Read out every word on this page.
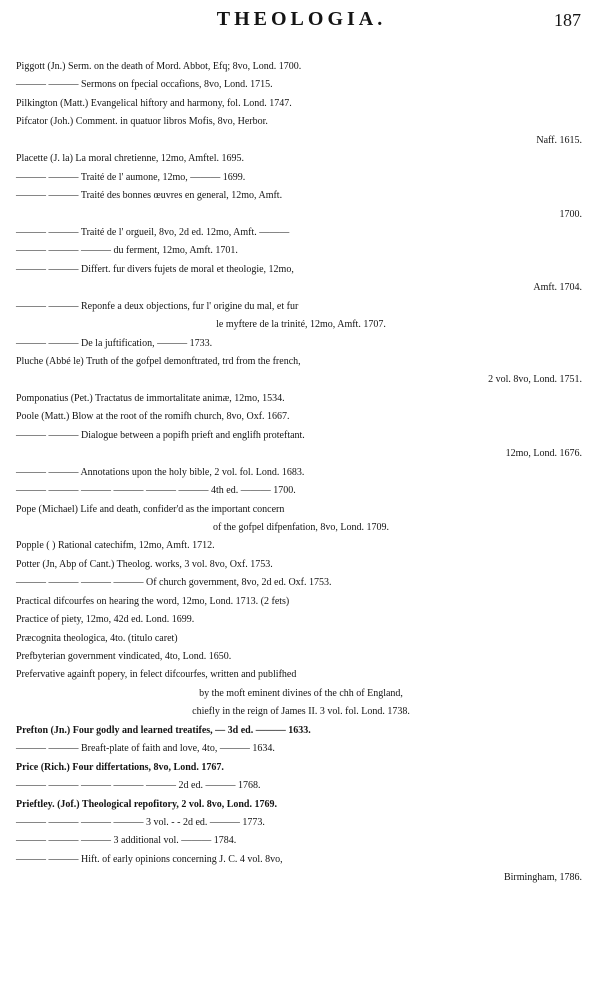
THEOLOGIA.	187
Piggott (Jn.) Serm. on the death of Mord. Abbot, Efq; 8vo, Lond. 1700.
——— ——— Sermons on fpecial occafions, 8vo, Lond. 1715.
Pilkington (Matt.) Evangelical hiftory and harmony, fol. Lond. 1747.
Pifcator (Joh.) Comment. in quatuor libros Mofis, 8vo, Herbor.
Naff. 1615.
Placette (J. la) La moral chretienne, 12mo, Amftel. 1695.
——— ——— Traité de l' aumone, 12mo, ——— 1699.
——— ——— Traité des bonnes œuvres en general, 12mo, Amft.
1700.
——— ——— Traité de l' orgueil, 8vo, 2d ed. 12mo, Amft. ———
——— ——— ——— du ferment, 12mo, Amft. 1701.
——— ——— Differt. fur divers fujets de moral et theologie, 12mo,
Amft. 1704.
——— ——— Reponfe a deux objections, fur l' origine du mal, et fur
le myftere de la trinité, 12mo, Amft. 1707.
——— ——— De la juftification, ——— 1733.
Pluche (Abbé le) Truth of the gofpel demonftrated, trd from the french,
2 vol. 8vo, Lond. 1751.
Pomponatius (Pet.) Tractatus de immortalitate animæ, 12mo, 1534.
Poole (Matt.) Blow at the root of the romifh church, 8vo, Oxf. 1667.
——— ——— Dialogue between a popifh prieft and englifh proteftant.
12mo, Lond. 1676.
——— ——— Annotations upon the holy bible, 2 vol. fol. Lond. 1683.
——— ——— ——— ——— ——— ——— 4th ed. ——— 1700.
Pope (Michael) Life and death, confider'd as the important concern
of the gofpel difpenfation, 8vo, Lond. 1709.
Popple ( ) Rational catechifm, 12mo, Amft. 1712.
Potter (Jn, Abp of Cant.) Theolog. works, 3 vol. 8vo, Oxf. 1753.
——— ——— ——— ——— Of church government, 8vo, 2d ed. Oxf. 1753.
Practical difcourfes on hearing the word, 12mo, Lond. 1713. (2 fets)
Practice of piety, 12mo, 42d ed. Lond. 1699.
Præcognita theologica, 4to. (titulo caret)
Prefbyterian government vindicated, 4to, Lond. 1650.
Prefervative againft popery, in felect difcourfes, written and publifhed
by the moft eminent divines of the chh of England,
chiefly in the reign of James II. 3 vol. fol. Lond. 1738.
Prefton (Jn.) Four godly and learned treatifes, — 3d ed. ——— 1633.
——— ——— Breaft-plate of faith and love, 4to, ——— 1634.
Price (Rich.) Four differtations, 8vo, Lond. 1767.
——— ——— ——— ——— ——— 2d ed. ——— 1768.
Prieftley. (Jof.) Theological repofitory, 2 vol. 8vo, Lond. 1769.
——— ——— ——— ——— 3 vol. - - 2d ed. ——— 1773.
——— ——— ——— 3 additional vol. ——— 1784.
——— ——— Hift. of early opinions concerning J. C. 4 vol. 8vo,
Birmingham, 1786.
